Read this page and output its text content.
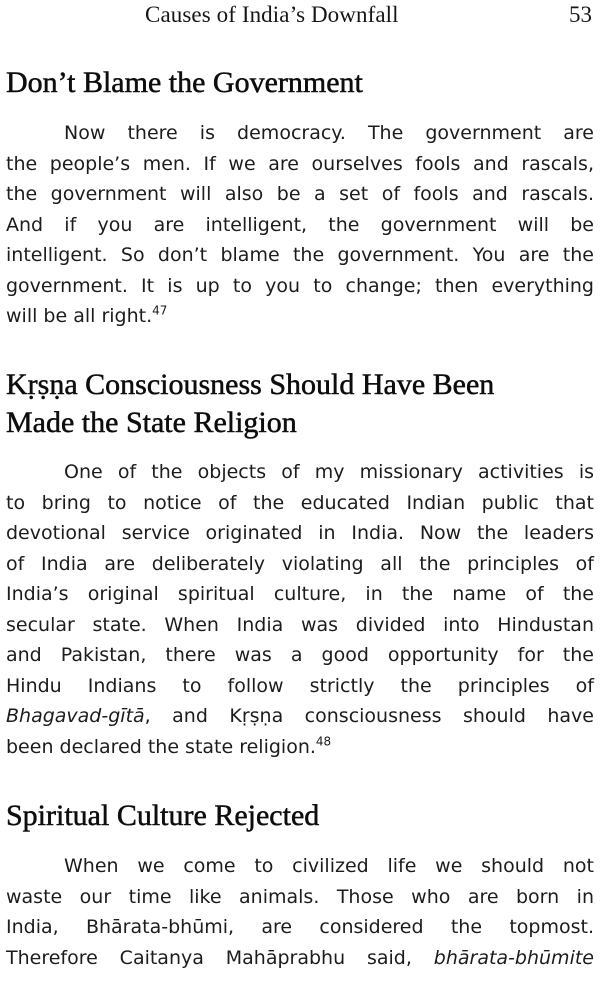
Causes of India’s Downfall	53
Don’t Blame the Government
Now there is democracy. The government are
the people’s men. If we are ourselves fools and rascals,
the government will also be a set of fools and rascals.
And if you are intelligent, the government will be
intelligent. So don’t blame the government. You are the
government. It is up to you to change; then everything
will be all right.$^{47}$
Kṛṣṇa Consciousness Should Have Been
Made the State Religion
One of the objects of my missionary activities is
to bring to notice of the educated Indian public that
devotional service originated in India. Now the leaders
of India are deliberately violating all the principles of
India’s original spiritual culture, in the name of the
secular state. When India was divided into Hindustan
and Pakistan, there was a good opportunity for the
Hindu Indians to follow strictly the principles of
Bhagavad-gītā, and Kṛṣṇa consciousness should have
been declared the state religion.$^{48}$
Spiritual Culture Rejected
When we come to civilized life we should not
waste our time like animals. Those who are born in
India, Bhārata-bhūmi, are considered the topmost.
Therefore Caitanya Mahāprabhu said, bhārata-bhūmite
